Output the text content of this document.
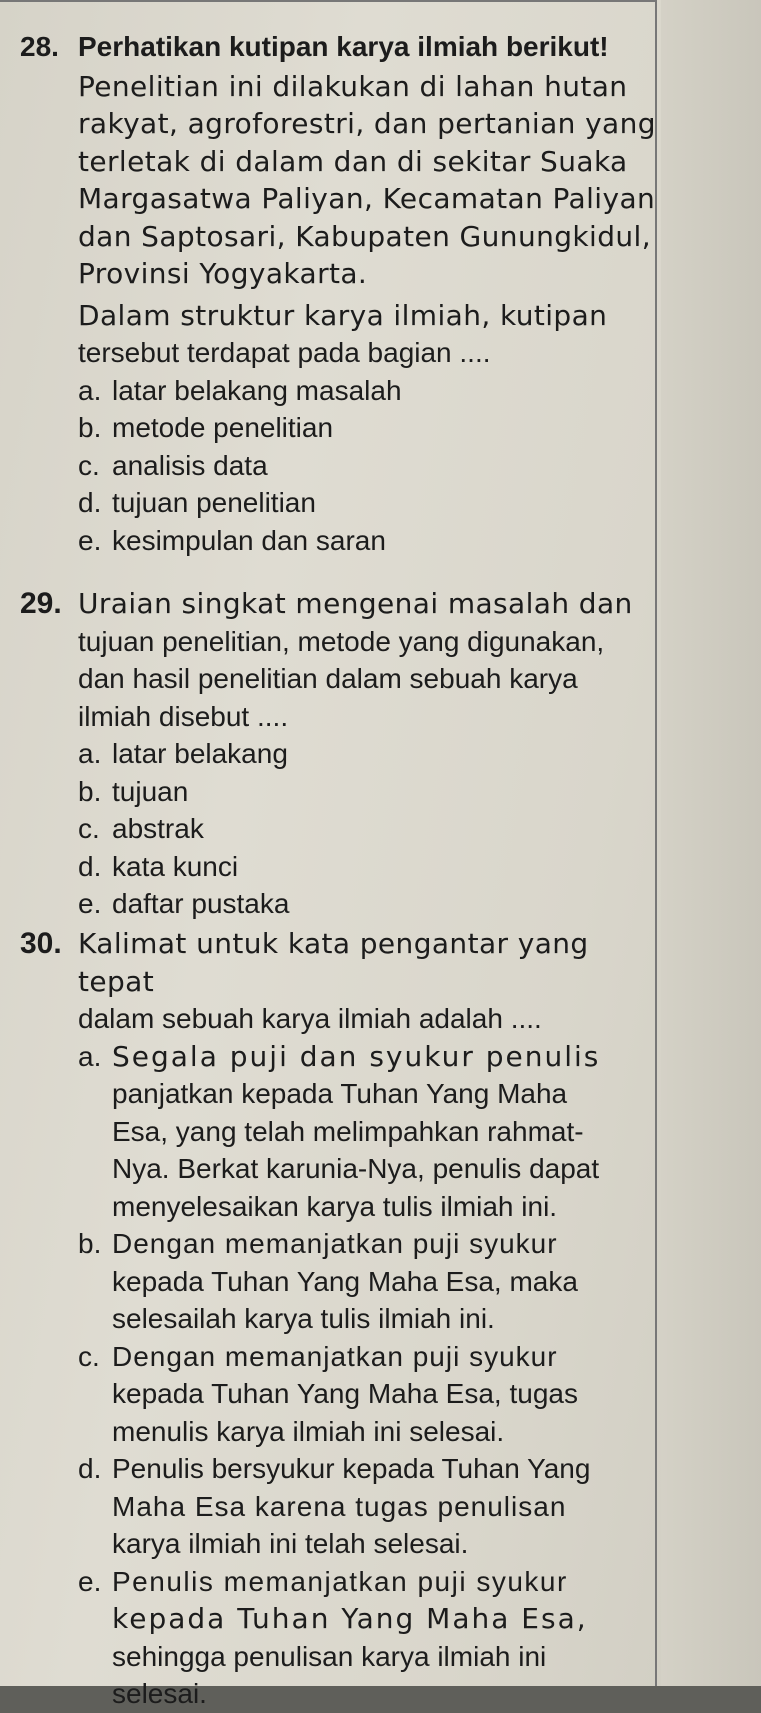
28. Perhatikan kutipan karya ilmiah berikut!
Penelitian ini dilakukan di lahan hutan
rakyat, agroforestri, dan pertanian yang
terletak di dalam dan di sekitar Suaka
Margasatwa Paliyan, Kecamatan Paliyan
dan Saptosari, Kabupaten Gunungkidul,
Provinsi Yogyakarta.
Dalam struktur karya ilmiah, kutipan
tersebut terdapat pada bagian ....
a. latar belakang masalah
b. metode penelitian
c. analisis data
d. tujuan penelitian
e. kesimpulan dan saran
29. Uraian singkat mengenai masalah dan
tujuan penelitian, metode yang digunakan,
dan hasil penelitian dalam sebuah karya
ilmiah disebut ....
a. latar belakang
b. tujuan
c. abstrak
d. kata kunci
e. daftar pustaka
30. Kalimat untuk kata pengantar yang tepat
dalam sebuah karya ilmiah adalah ....
a. Segala puji dan syukur penulis
panjatkan kepada Tuhan Yang Maha
Esa, yang telah melimpahkan rahmat-
Nya. Berkat karunia-Nya, penulis dapat
menyelesaikan karya tulis ilmiah ini.
b. Dengan memanjatkan puji syukur
kepada Tuhan Yang Maha Esa, maka
selesailah karya tulis ilmiah ini.
c. Dengan memanjatkan puji syukur
kepada Tuhan Yang Maha Esa, tugas
menulis karya ilmiah ini selesai.
d. Penulis bersyukur kepada Tuhan Yang
Maha Esa karena tugas penulisan
karya ilmiah ini telah selesai.
e. Penulis memanjatkan puji syukur
kepada Tuhan Yang Maha Esa,
sehingga penulisan karya ilmiah ini
selesai.
